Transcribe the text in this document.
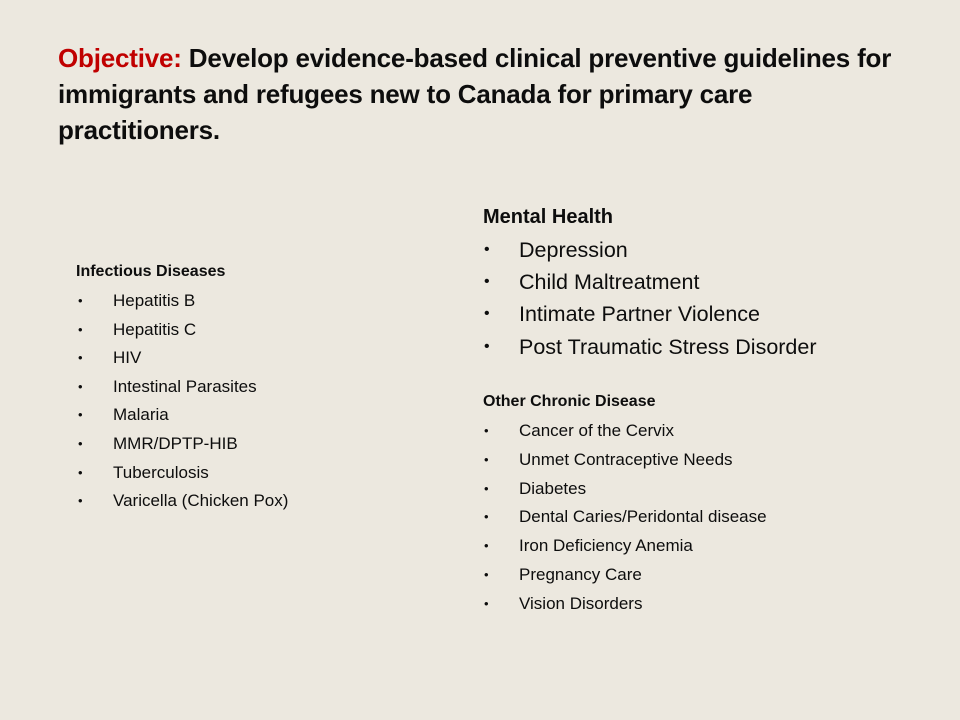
Objective: Develop evidence-based clinical preventive guidelines for immigrants and refugees new to Canada for primary care practitioners.
Infectious Diseases
• Hepatitis B
• Hepatitis C
• HIV
• Intestinal Parasites
• Malaria
• MMR/DPTP-HIB
• Tuberculosis
• Varicella (Chicken Pox)
Mental Health
• Depression
• Child Maltreatment
• Intimate Partner Violence
• Post Traumatic Stress Disorder
Other Chronic Disease
• Cancer of the Cervix
• Unmet Contraceptive Needs
• Diabetes
• Dental Caries/Peridontal disease
• Iron Deficiency Anemia
• Pregnancy Care
• Vision Disorders
